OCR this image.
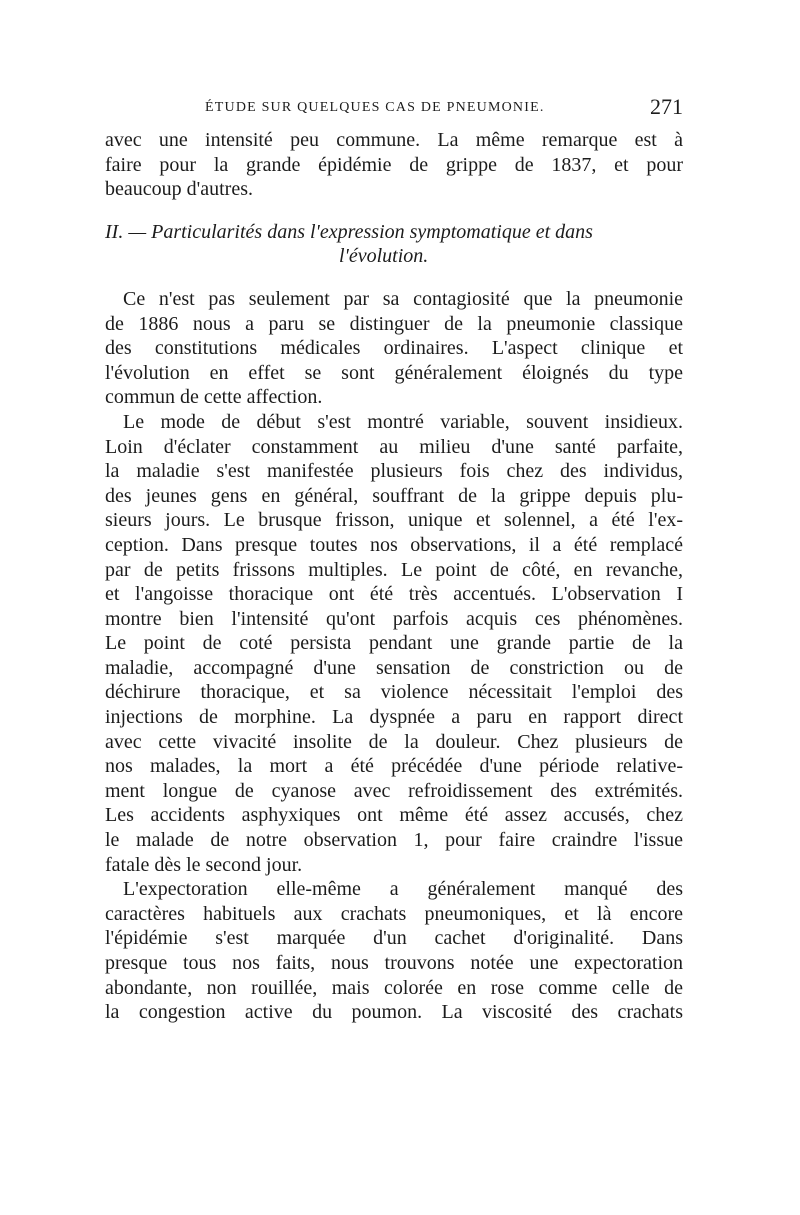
ÉTUDE SUR QUELQUES CAS DE PNEUMONIE.	271
avec une intensité peu commune. La même remarque est à
faire pour la grande épidémie de grippe de 1837, et pour
beaucoup d'autres.
II. — Particularités dans l'expression symptomatique et dans
l'évolution.
Ce n'est pas seulement par sa contagiosité que la pneumonie
de 1886 nous a paru se distinguer de la pneumonie classique
des constitutions médicales ordinaires. L'aspect clinique et
l'évolution en effet se sont généralement éloignés du type
commun de cette affection.
Le mode de début s'est montré variable, souvent insidieux.
Loin d'éclater constamment au milieu d'une santé parfaite,
la maladie s'est manifestée plusieurs fois chez des individus,
des jeunes gens en général, souffrant de la grippe depuis plu-
sieurs jours. Le brusque frisson, unique et solennel, a été l'ex-
ception. Dans presque toutes nos observations, il a été remplacé
par de petits frissons multiples. Le point de côté, en revanche,
et l'angoisse thoracique ont été très accentués. L'observation I
montre bien l'intensité qu'ont parfois acquis ces phénomènes.
Le point de coté persista pendant une grande partie de la
maladie, accompagné d'une sensation de constriction ou de
déchirure thoracique, et sa violence nécessitait l'emploi des
injections de morphine. La dyspnée a paru en rapport direct
avec cette vivacité insolite de la douleur. Chez plusieurs de
nos malades, la mort a été précédée d'une période relative-
ment longue de cyanose avec refroidissement des extrémités.
Les accidents asphyxiques ont même été assez accusés, chez
le malade de notre observation 1, pour faire craindre l'issue
fatale dès le second jour.
L'expectoration elle-même a généralement manqué des
caractères habituels aux crachats pneumoniques, et là encore
l'épidémie s'est marquée d'un cachet d'originalité. Dans
presque tous nos faits, nous trouvons notée une expectoration
abondante, non rouillée, mais colorée en rose comme celle de
la congestion active du poumon. La viscosité des crachats
